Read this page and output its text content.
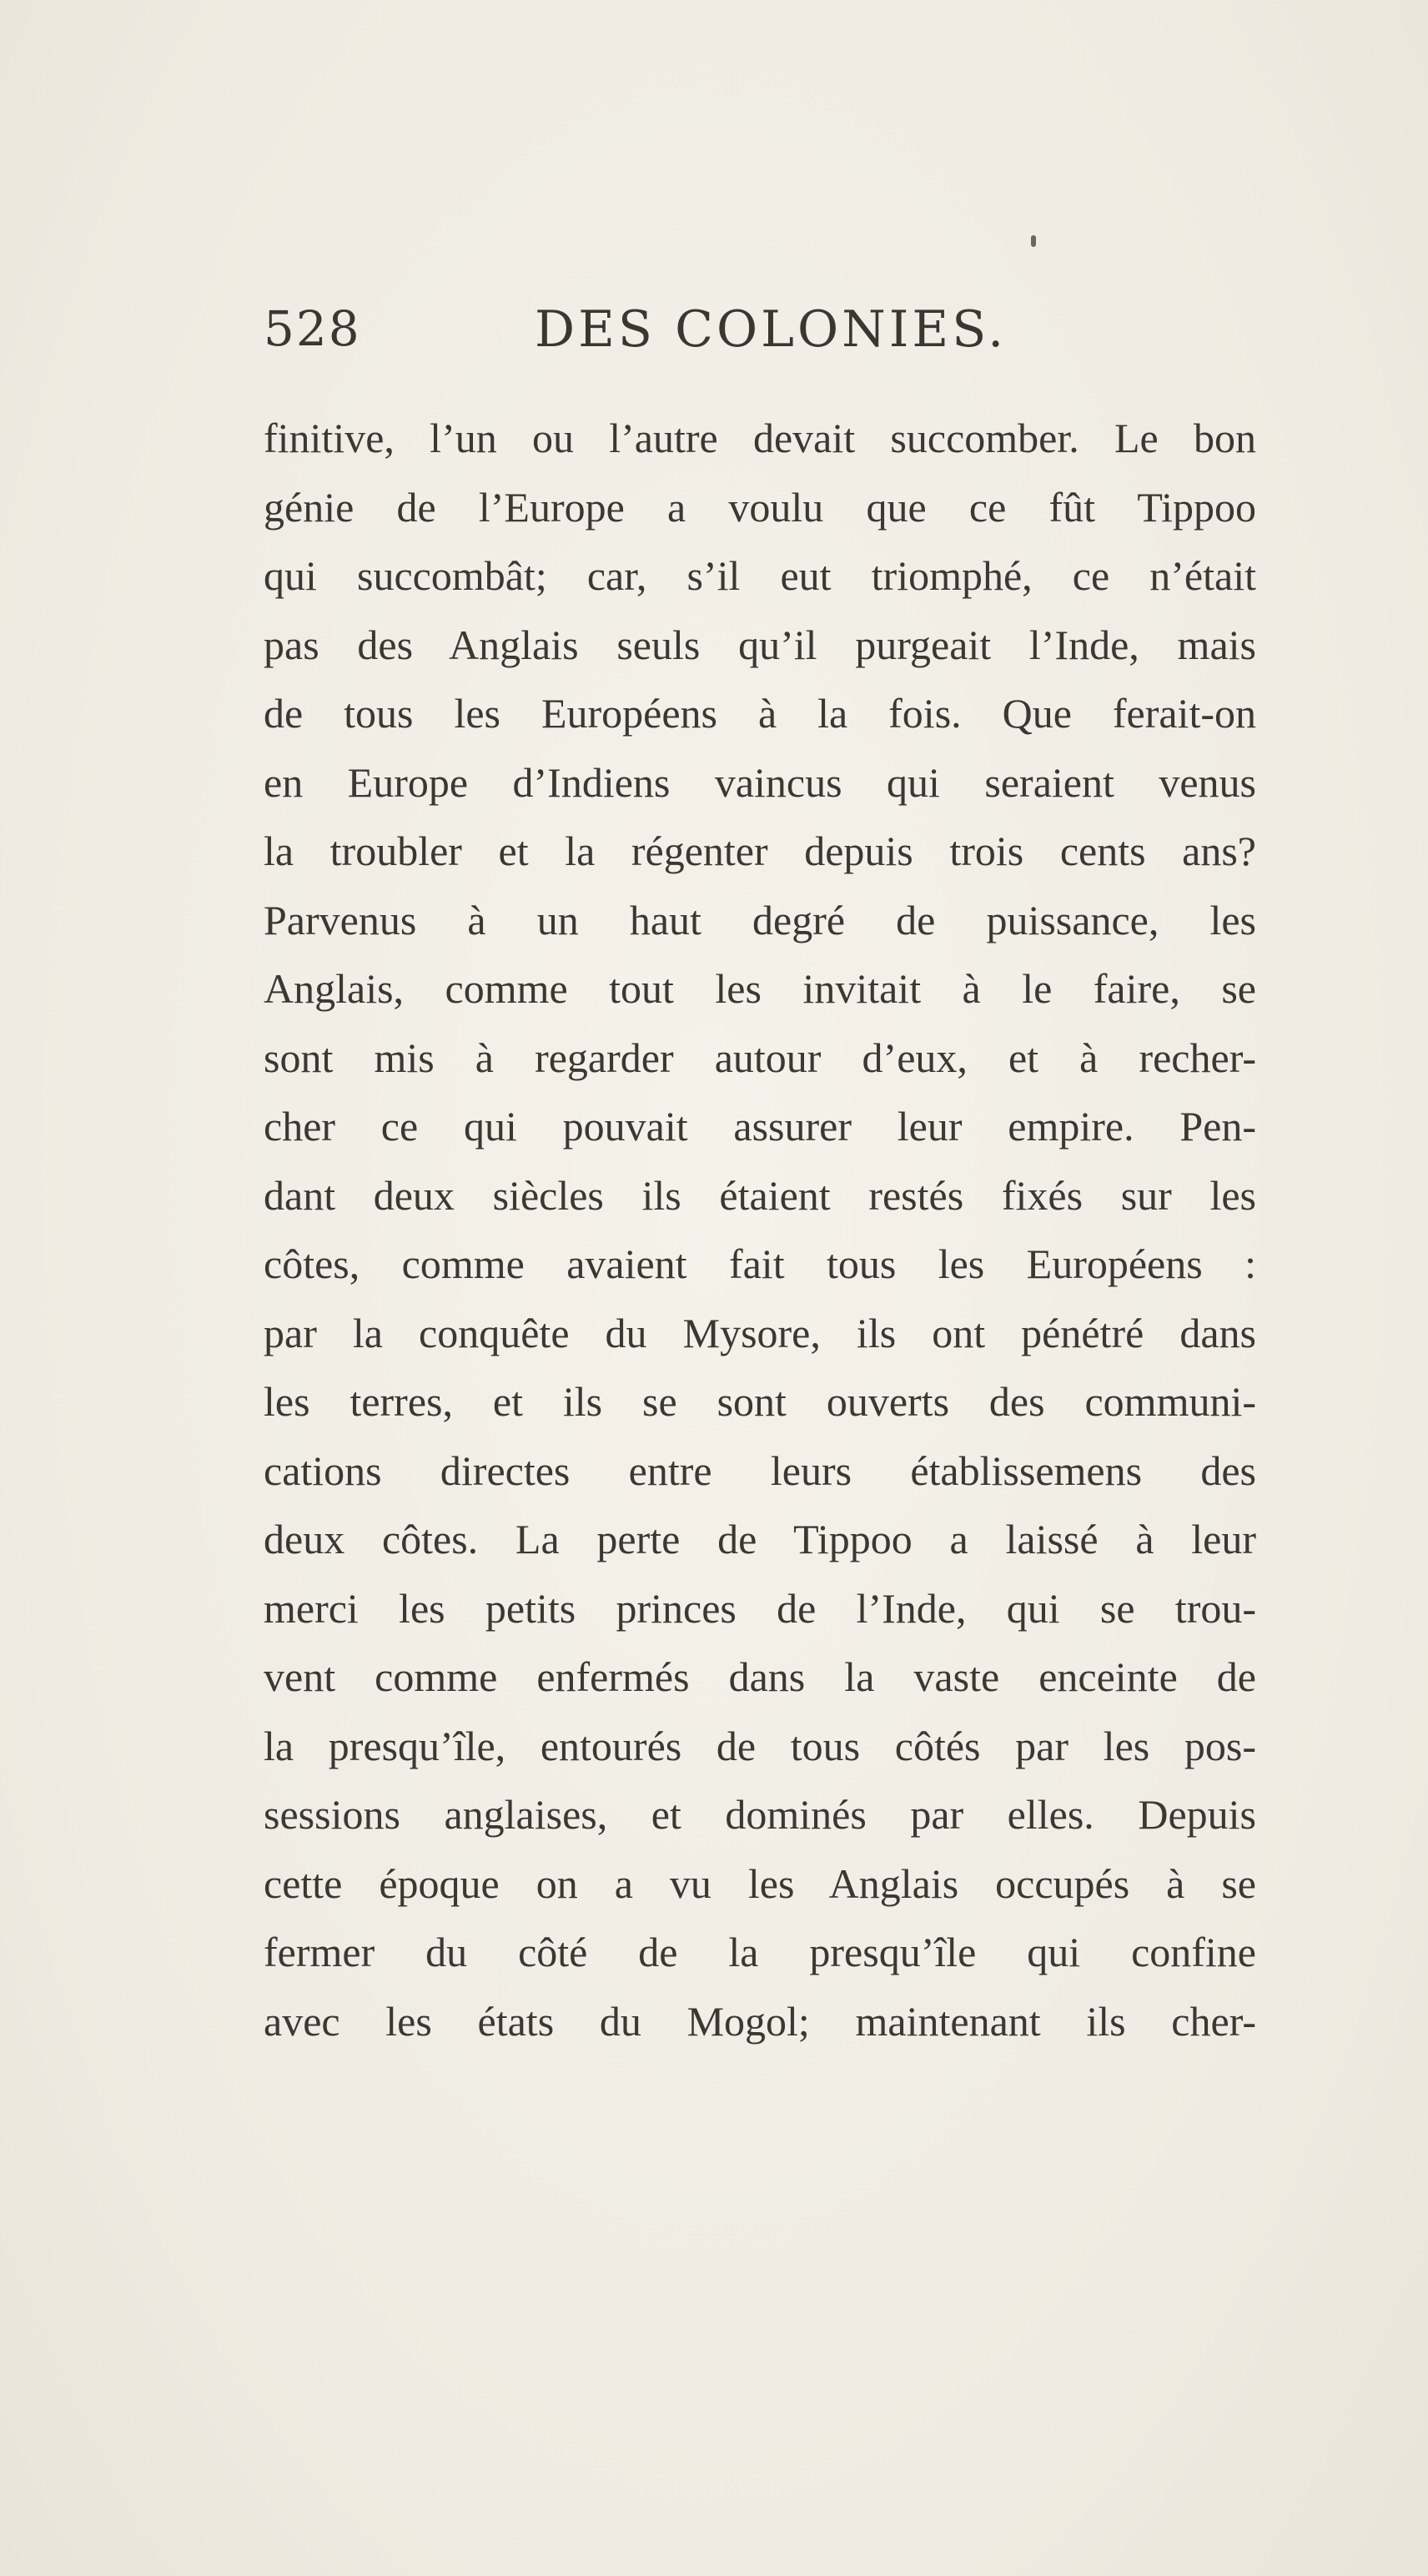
528	DES COLONIES.
finitive, l’un ou l’autre devait succomber. Le bon
génie de l’Europe a voulu que ce fût Tippoo
qui succombât; car, s’il eut triomphé, ce n’était
pas des Anglais seuls qu’il purgeait l’Inde, mais
de tous les Européens à la fois. Que ferait-on
en Europe d’Indiens vaincus qui seraient venus
la troubler et la régenter depuis trois cents ans?
Parvenus à un haut degré de puissance, les
Anglais, comme tout les invitait à le faire, se
sont mis à regarder autour d’eux, et à recher-
cher ce qui pouvait assurer leur empire. Pen-
dant deux siècles ils étaient restés fixés sur les
côtes, comme avaient fait tous les Européens :
par la conquête du Mysore, ils ont pénétré dans
les terres, et ils se sont ouverts des communi-
cations directes entre leurs établissemens des
deux côtes. La perte de Tippoo a laissé à leur
merci les petits princes de l’Inde, qui se trou-
vent comme enfermés dans la vaste enceinte de
la presqu’île, entourés de tous côtés par les pos-
sessions anglaises, et dominés par elles. Depuis
cette époque on a vu les Anglais occupés à se
fermer du côté de la presqu’île qui confine
avec les états du Mogol; maintenant ils cher-
